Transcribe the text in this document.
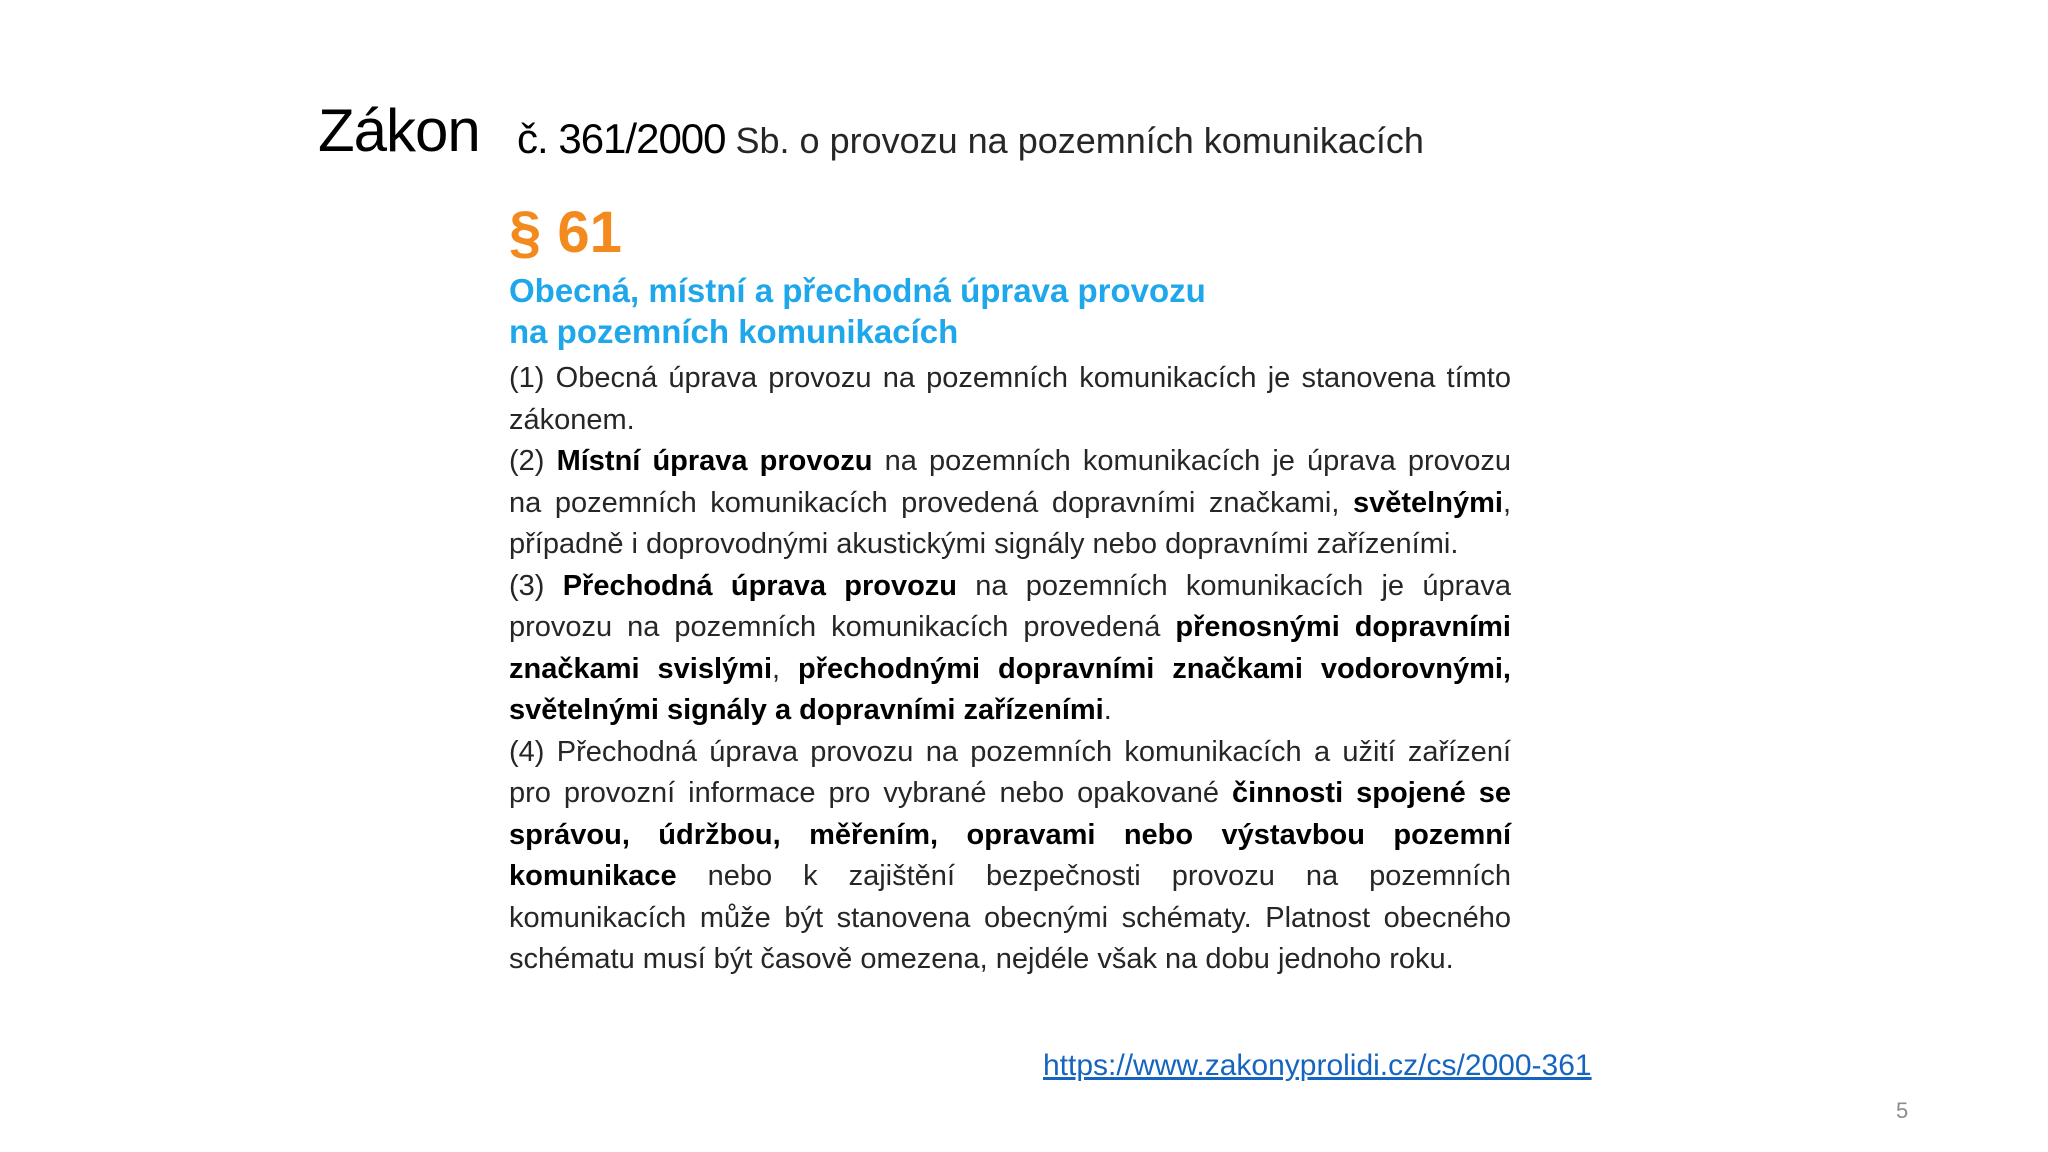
Zákon č. 361/2000 Sb. o provozu na pozemních komunikacích
§ 61
Obecná, místní a přechodná úprava provozu
na pozemních komunikacích

(1) Obecná úprava provozu na pozemních komunikacích je stanovena tímto zákonem.

(2) Místní úprava provozu na pozemních komunikacích je úprava provozu na pozemních komunikacích provedená dopravními značkami, světelnými, případně i doprovodnými akustickými signály nebo dopravními zařízeními.

(3) Přechodná úprava provozu na pozemních komunikacích je úprava provozu na pozemních komunikacích provedená přenosnými dopravními značkami svislými, přechodnými dopravními značkami vodorovnými, světelnými signály a dopravními zařízeními.

(4) Přechodná úprava provozu na pozemních komunikacích a užití zařízení pro provozní informace pro vybrané nebo opakované činnosti spojené se správou, údržbou, měřením, opravami nebo výstavbou pozemní komunikace nebo k zajištění bezpečnosti provozu na pozemních komunikacích může být stanovena obecnými schématy. Platnost obecného schématu musí být časově omezena, nejdéle však na dobu jednoho roku.

https://www.zakonyprolidi.cz/cs/2000-361
5
